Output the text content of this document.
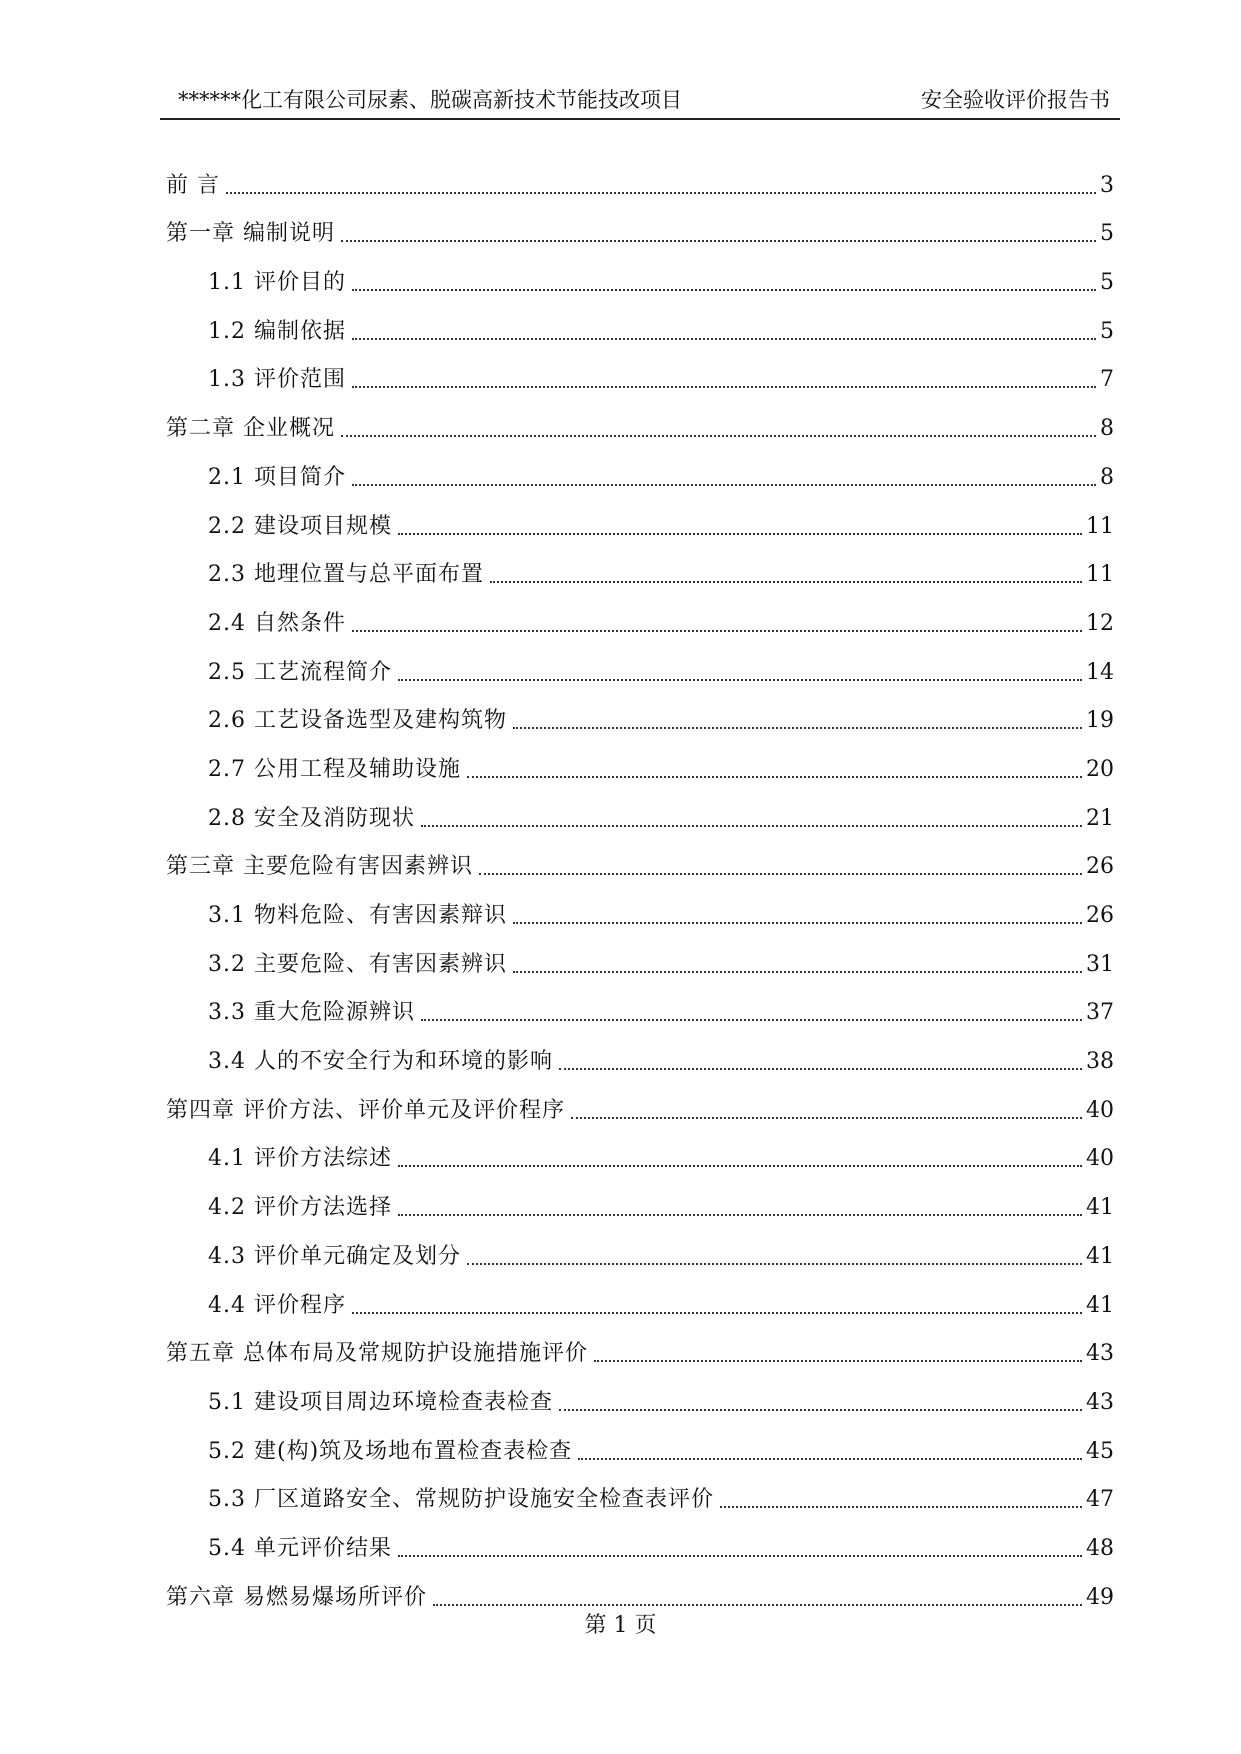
******化工有限公司尿素、脱碳高新技术节能技改项目	安全验收评价报告书
前 言	3
第一章 编制说明	5
1.1 评价目的	5
1.2 编制依据	5
1.3 评价范围	7
第二章 企业概况	8
2.1 项目简介	8
2.2 建设项目规模	11
2.3 地理位置与总平面布置	11
2.4 自然条件	12
2.5 工艺流程简介	14
2.6 工艺设备选型及建构筑物	19
2.7 公用工程及辅助设施	20
2.8 安全及消防现状	21
第三章 主要危险有害因素辨识	26
3.1 物料危险、有害因素辩识	26
3.2 主要危险、有害因素辨识	31
3.3 重大危险源辨识	37
3.4 人的不安全行为和环境的影响	38
第四章 评价方法、评价单元及评价程序	40
4.1 评价方法综述	40
4.2 评价方法选择	41
4.3 评价单元确定及划分	41
4.4 评价程序	41
第五章 总体布局及常规防护设施措施评价	43
5.1 建设项目周边环境检查表检查	43
5.2 建(构)筑及场地布置检查表检查	45
5.3 厂区道路安全、常规防护设施安全检查表评价	47
5.4 单元评价结果	48
第六章 易燃易爆场所评价	49
第 1 页
